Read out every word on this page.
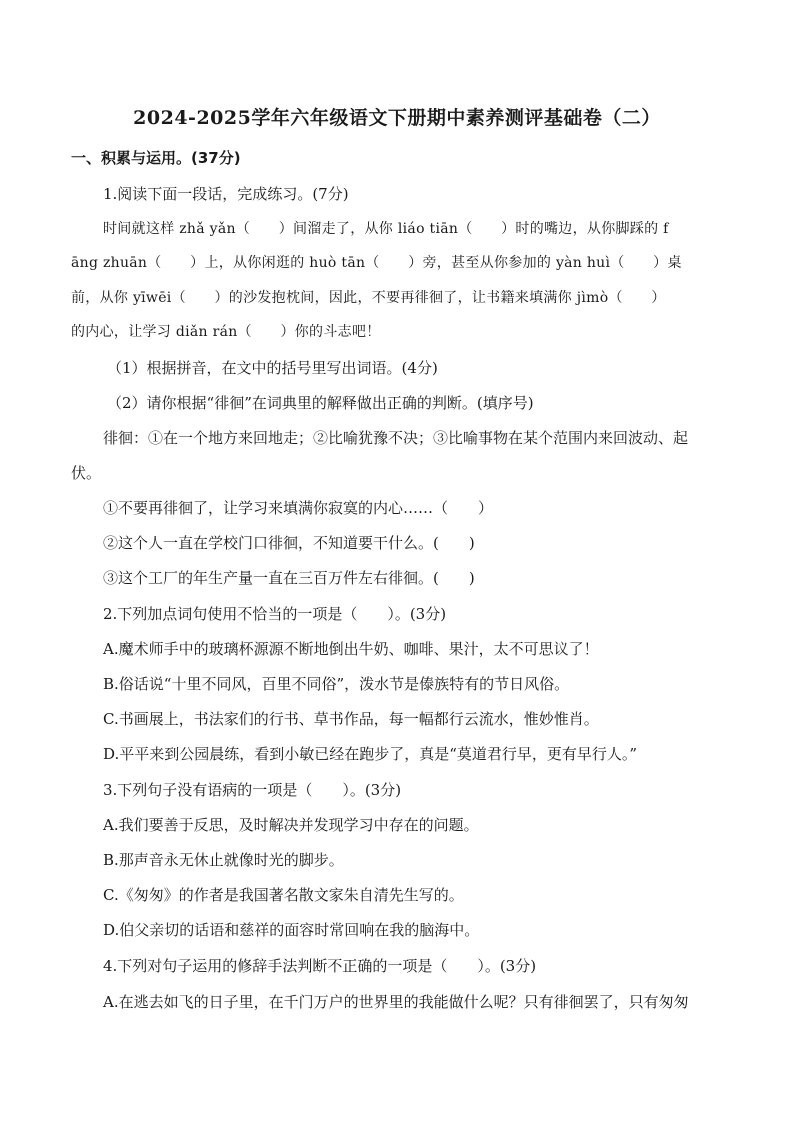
2024-2025学年六年级语文下册期中素养测评基础卷（二）
一、积累与运用。(37分)
1.阅读下面一段话，完成练习。(7分)
时间就这样 zhǎ yǎn（　　）间溜走了，从你 liáo tiān（　　）时的嘴边，从你脚踩的 f
āng zhuān（　　）上，从你闲逛的 huò tān（　　）旁，甚至从你参加的 yàn huì（　　）桌
前，从你 yīwēi（　　）的沙发抱枕间，因此，不要再徘徊了，让书籍来填满你 jìmò（　　）
的内心，让学习 diǎn rán（　　）你的斗志吧！
（1）根据拼音，在文中的括号里写出词语。(4分)
（2）请你根据“徘徊”在词典里的解释做出正确的判断。(填序号)
徘徊：①在一个地方来回地走；②比喻犹豫不决；③比喻事物在某个范围内来回波动、起
伏。
①不要再徘徊了，让学习来填满你寂寞的内心……（　　）
②这个人一直在学校门口徘徊，不知道要干什么。(　　)
③这个工厂的年生产量一直在三百万件左右徘徊。(　　)
2.下列加点词句使用不恰当的一项是（　　）。(3分)
A.魔术师手中的玻璃杯源源不断地倒出牛奶、咖啡、果汁，太不可思议了！
B.俗话说“十里不同风，百里不同俗”，泼水节是傣族特有的节日风俗。
C.书画展上，书法家们的行书、草书作品，每一幅都行云流水，惟妙惟肖。
D.平平来到公园晨练，看到小敏已经在跑步了，真是“莫道君行早，更有早行人。”
3.下列句子没有语病的一项是（　　）。(3分)
A.我们要善于反思，及时解决并发现学习中存在的问题。
B.那声音永无休止就像时光的脚步。
C.《匆匆》的作者是我国著名散文家朱自清先生写的。
D.伯父亲切的话语和慈祥的面容时常回响在我的脑海中。
4.下列对句子运用的修辞手法判断不正确的一项是（　　）。(3分)
A.在逃去如飞的日子里，在千门万户的世界里的我能做什么呢？只有徘徊罢了，只有匆匆
